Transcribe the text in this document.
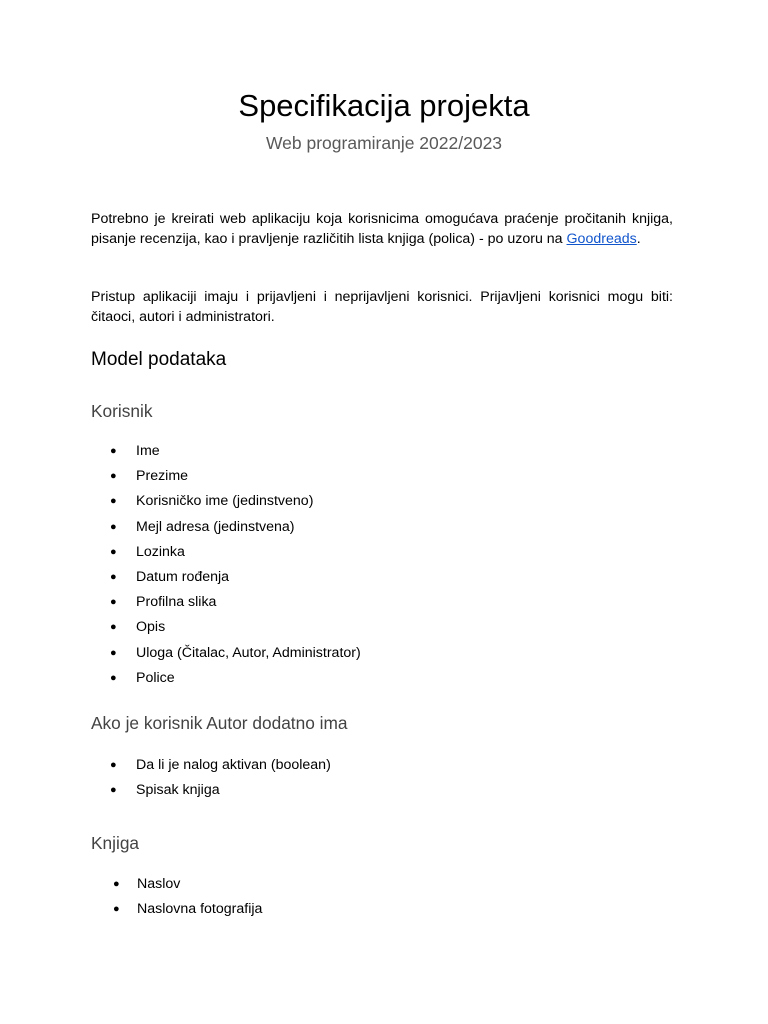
Specifikacija projekta
Web programiranje 2022/2023

Potrebno je kreirati web aplikaciju koja korisnicima omogućava praćenje pročitanih knjiga, pisanje recenzija, kao i pravljenje različitih lista knjiga (polica) - po uzoru na Goodreads.

Pristup aplikaciji imaju i prijavljeni i neprijavljeni korisnici. Prijavljeni korisnici mogu biti: čitaoci, autori i administratori.

Model podataka
Korisnik
● Ime
● Prezime
● Korisničko ime (jedinstveno)
● Mejl adresa (jedinstvena)
● Lozinka
● Datum rođenja
● Profilna slika
● Opis
● Uloga (Čitalac, Autor, Administrator)
● Police
Ako je korisnik Autor dodatno ima
● Da li je nalog aktivan (boolean)
● Spisak knjiga
Knjiga
● Naslov
● Naslovna fotografija
